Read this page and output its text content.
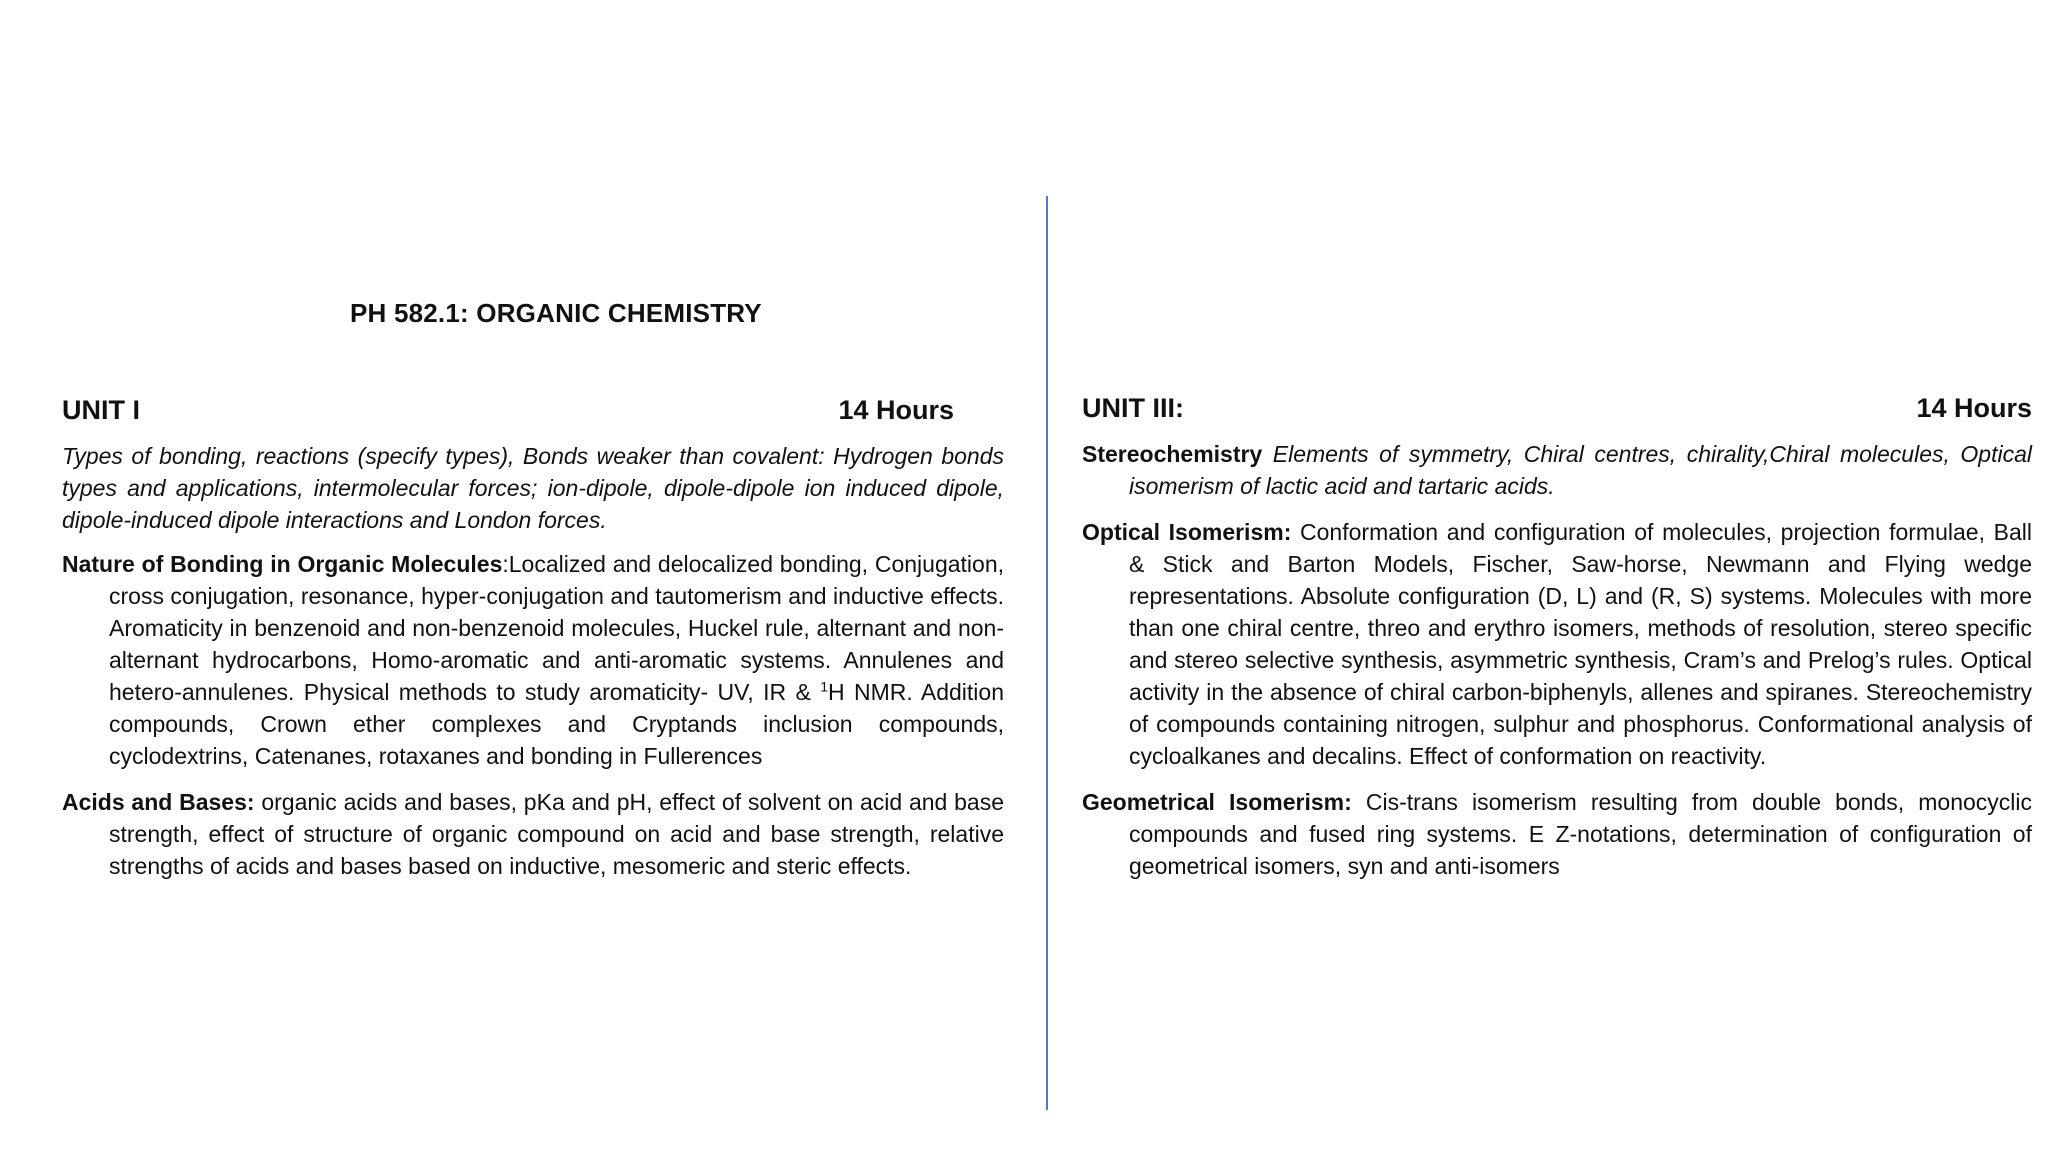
PH 582.1: ORGANIC CHEMISTRY
UNIT I	14 Hours

Types of bonding, reactions (specify types), Bonds weaker than covalent: Hydrogen bonds types and applications, intermolecular forces; ion-dipole, dipole-dipole ion induced dipole, dipole-induced dipole interactions and London forces.

Nature of Bonding in Organic Molecules:Localized and delocalized bonding, Conjugation, cross conjugation, resonance, hyper-conjugation and tautomerism and inductive effects. Aromaticity in benzenoid and non-benzenoid molecules, Huckel rule, alternant and non-alternant hydrocarbons, Homo-aromatic and anti-aromatic systems. Annulenes and hetero-annulenes. Physical methods to study aromaticity- UV, IR & $^1$H NMR. Addition compounds, Crown ether complexes and Cryptands inclusion compounds, cyclodextrins, Catenanes, rotaxanes and bonding in Fullerences

Acids and Bases: organic acids and bases, pKa and pH, effect of solvent on acid and base strength, effect of structure of organic compound on acid and base strength, relative strengths of acids and bases based on inductive, mesomeric and steric effects.

UNIT III:	14 Hours

Stereochemistry Elements of symmetry, Chiral centres, chirality,Chiral molecules, Optical isomerism of lactic acid and tartaric acids.

Optical Isomerism: Conformation and configuration of molecules, projection formulae, Ball & Stick and Barton Models, Fischer, Saw-horse, Newmann and Flying wedge representations. Absolute configuration (D, L) and (R, S) systems. Molecules with more than one chiral centre, threo and erythro isomers, methods of resolution, stereo specific and stereo selective synthesis, asymmetric synthesis, Cram’s and Prelog’s rules. Optical activity in the absence of chiral carbon-biphenyls, allenes and spiranes. Stereochemistry of compounds containing nitrogen, sulphur and phosphorus. Conformational analysis of cycloalkanes and decalins. Effect of conformation on reactivity.

Geometrical Isomerism: Cis-trans isomerism resulting from double bonds, monocyclic compounds and fused ring systems. E Z-notations, determination of configuration of geometrical isomers, syn and anti-isomers
